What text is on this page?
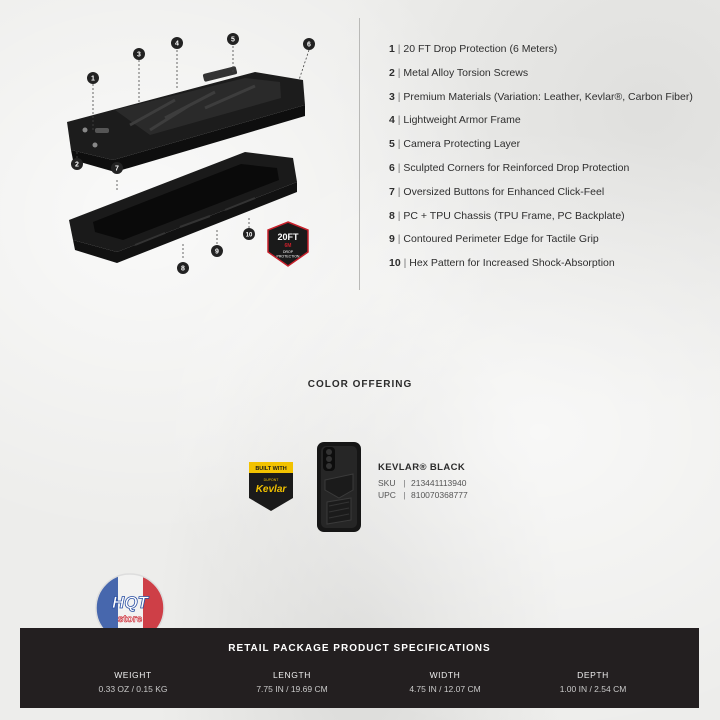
1
2
3
4
5
6
7
8
9
10	20FT
6M
DROP
PROTECTION
1 | 20 FT Drop Protection (6 Meters)
2 | Metal Alloy Torsion Screws
3 | Premium Materials (Variation: Leather, Kevlar®, Carbon Fiber)
4 | Lightweight Armor Frame
5 | Camera Protecting Layer
6 | Sculpted Corners for Reinforced Drop Protection
7 | Oversized Buttons for Enhanced Click-Feel
8 | PC + TPU Chassis (TPU Frame, PC Backplate)
9 | Contoured Perimeter Edge for Tactile Grip
10 | Hex Pattern for Increased Shock-Absorption
COLOR OFFERING
BUILT WITH
DUPONT
Kevlar
KEVLAR® BLACK
SKU | 213441113940
UPC | 810070368777
HQT
store
RETAIL PACKAGE PRODUCT SPECIFICATIONS
WEIGHT
0.33 OZ / 0.15 KG
LENGTH
7.75 IN / 19.69 CM
WIDTH
4.75 IN / 12.07 CM
DEPTH
1.00 IN / 2.54 CM
